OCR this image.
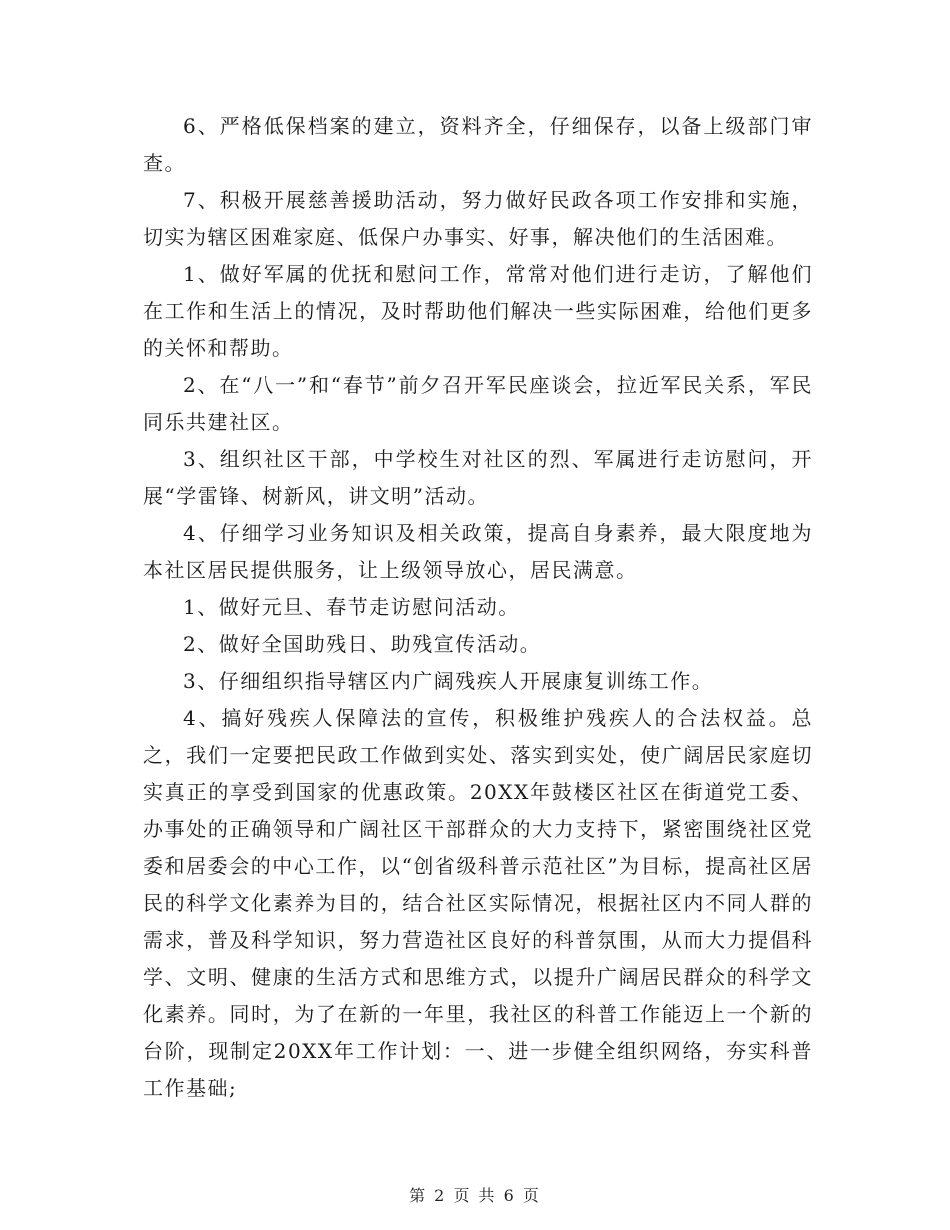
6、严格低保档案的建立，资料齐全，仔细保存，以备上级部门审查。

7、积极开展慈善援助活动，努力做好民政各项工作安排和实施，切实为辖区困难家庭、低保户办事实、好事，解决他们的生活困难。

1、做好军属的优抚和慰问工作，常常对他们进行走访，了解他们在工作和生活上的情况，及时帮助他们解决一些实际困难，给他们更多的关怀和帮助。

2、在“八一”和“春节”前夕召开军民座谈会，拉近军民关系，军民同乐共建社区。

3、组织社区干部，中学校生对社区的烈、军属进行走访慰问，开展“学雷锋、树新风，讲文明”活动。

4、仔细学习业务知识及相关政策，提高自身素养，最大限度地为本社区居民提供服务，让上级领导放心，居民满意。

1、做好元旦、春节走访慰问活动。

2、做好全国助残日、助残宣传活动。

3、仔细组织指导辖区内广阔残疾人开展康复训练工作。

4、搞好残疾人保障法的宣传，积极维护残疾人的合法权益。总之，我们一定要把民政工作做到实处、落实到实处，使广阔居民家庭切实真正的享受到国家的优惠政策。20XX年鼓楼区社区在街道党工委、办事处的正确领导和广阔社区干部群众的大力支持下，紧密围绕社区党委和居委会的中心工作，以“创省级科普示范社区”为目标，提高社区居民的科学文化素养为目的，结合社区实际情况，根据社区内不同人群的需求，普及科学知识，努力营造社区良好的科普氛围，从而大力提倡科学、文明、健康的生活方式和思维方式，以提升广阔居民群众的科学文化素养。同时，为了在新的一年里，我社区的科普工作能迈上一个新的台阶，现制定20XX年工作计划：一、进一步健全组织网络，夯实科普工作基础;

第 2 页 共 6 页
